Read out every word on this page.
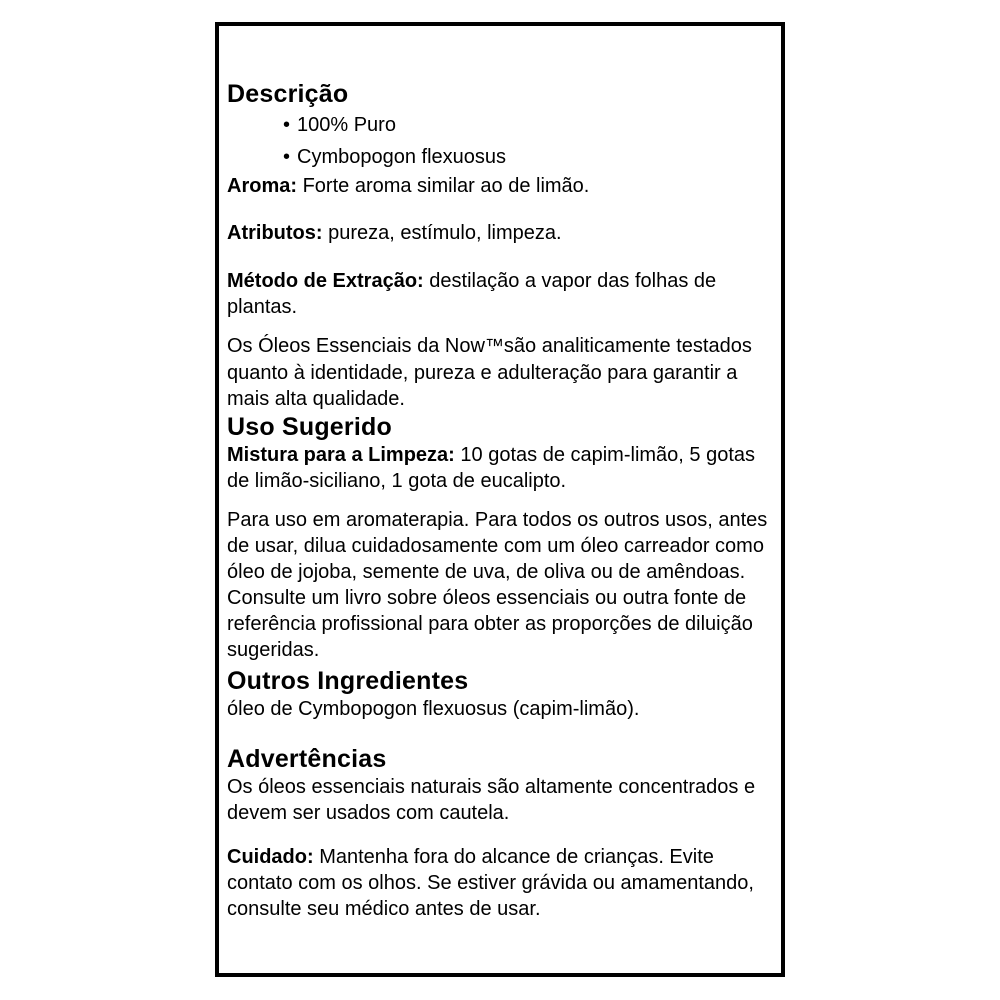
Descrição
• 100% Puro
• Cymbopogon flexuosus

Aroma: Forte aroma similar ao de limão.

Atributos: pureza, estímulo, limpeza.

Método de Extração: destilação a vapor das folhas de plantas.

Os Óleos Essenciais da Now™são analiticamente testados quanto à identidade, pureza e adulteração para garantir a mais alta qualidade.

Uso Sugerido

Mistura para a Limpeza: 10 gotas de capim-limão, 5 gotas de limão-siciliano, 1 gota de eucalipto.

Para uso em aromaterapia. Para todos os outros usos, antes de usar, dilua cuidadosamente com um óleo carreador como óleo de jojoba, semente de uva, de oliva ou de amêndoas. Consulte um livro sobre óleos essenciais ou outra fonte de referência profissional para obter as proporções de diluição sugeridas.

Outros Ingredientes

óleo de Cymbopogon flexuosus (capim-limão).

Advertências

Os óleos essenciais naturais são altamente concentrados e devem ser usados com cautela.

Cuidado: Mantenha fora do alcance de crianças. Evite contato com os olhos. Se estiver grávida ou amamentando, consulte seu médico antes de usar.
